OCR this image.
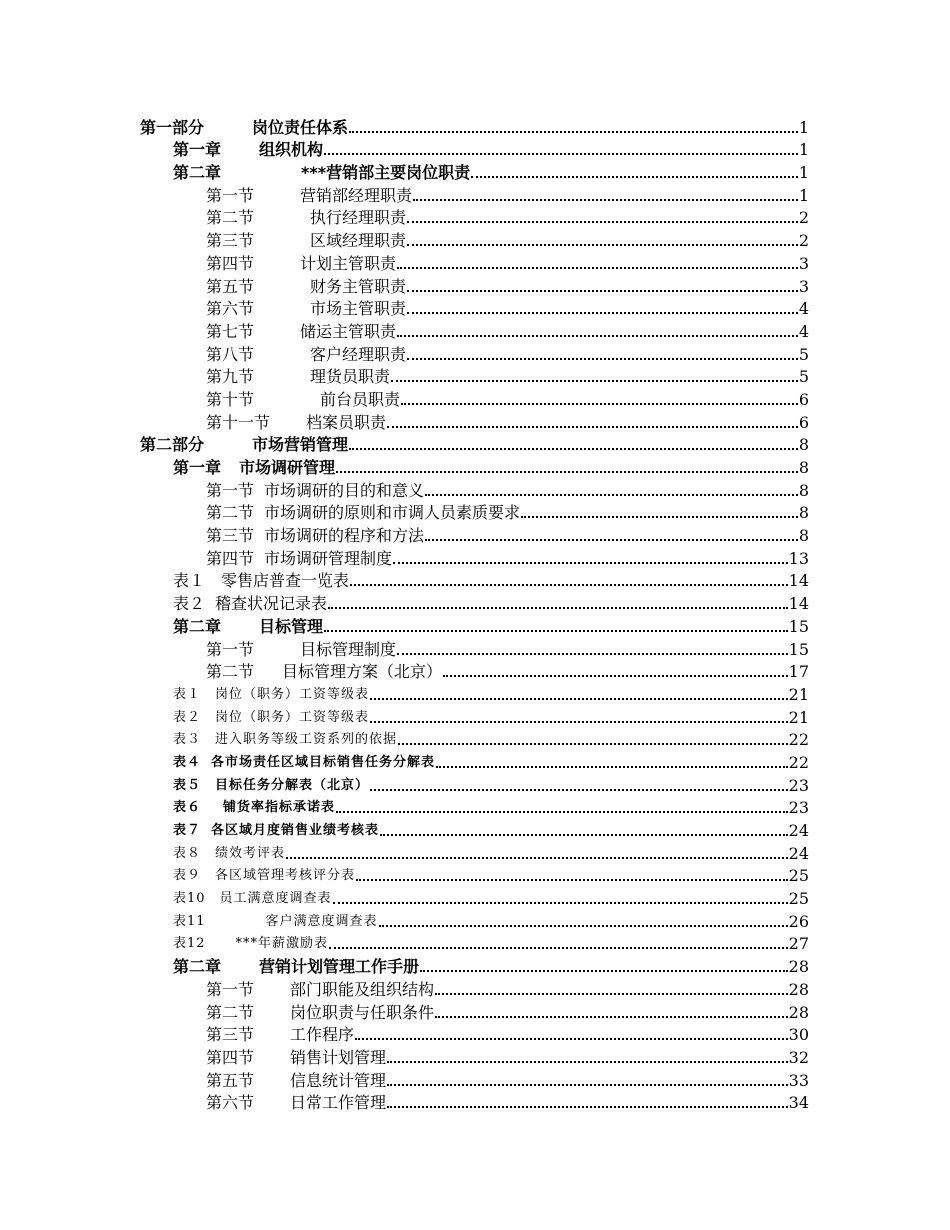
第一部分	岗位责任体系	1
第一章 组织机构	1
第二章	***营销部主要岗位职责	1
第一节	营销部经理职责	1
第二节	执行经理职责	2
第三节	区域经理职责	2
第四节	计划主管职责	3
第五节	财务主管职责	3
第六节	市场主管职责	4
第七节	储运主管职责	4
第八节	客户经理职责	5
第九节	理货员职责	5
第十节	前台员职责	6
第十一节 档案员职责	6
第二部分	市场营销管理	8
第一章 市场调研管理	8
第一节 市场调研的目的和意义	8
第二节 市场调研的原则和市调人员素质要求	8
第三节 市场调研的程序和方法	8
第四节 市场调研管理制度	13
表１ 零售店普查一览表	14
表２ 稽查状况记录表	14
第二章 目标管理	15
第一节	目标管理制度	15
第二节 目标管理方案（北京）	17
表１ 岗位（职务）工资等级表	21
表２ 岗位（职务）工资等级表	21
表３ 进入职务等级工资系列的依据	22
表４ 各市场责任区域目标销售任务分解表	22
表５ 目标任务分解表（北京）	23
表６ 铺货率指标承诺表	23
表７ 各区域月度销售业绩考核表	24
表８ 绩效考评表	24
表９ 各区域管理考核评分表	25
表10 员工满意度调查表	25
表11	客户满意度调查表	26
表12 ***年薪激励表	27
第二章 营销计划管理工作手册	28
第一节 部门职能及组织结构	28
第二节 岗位职责与任职条件	28
第三节 工作程序	30
第四节 销售计划管理	32
第五节 信息统计管理	33
第六节 日常工作管理	34
